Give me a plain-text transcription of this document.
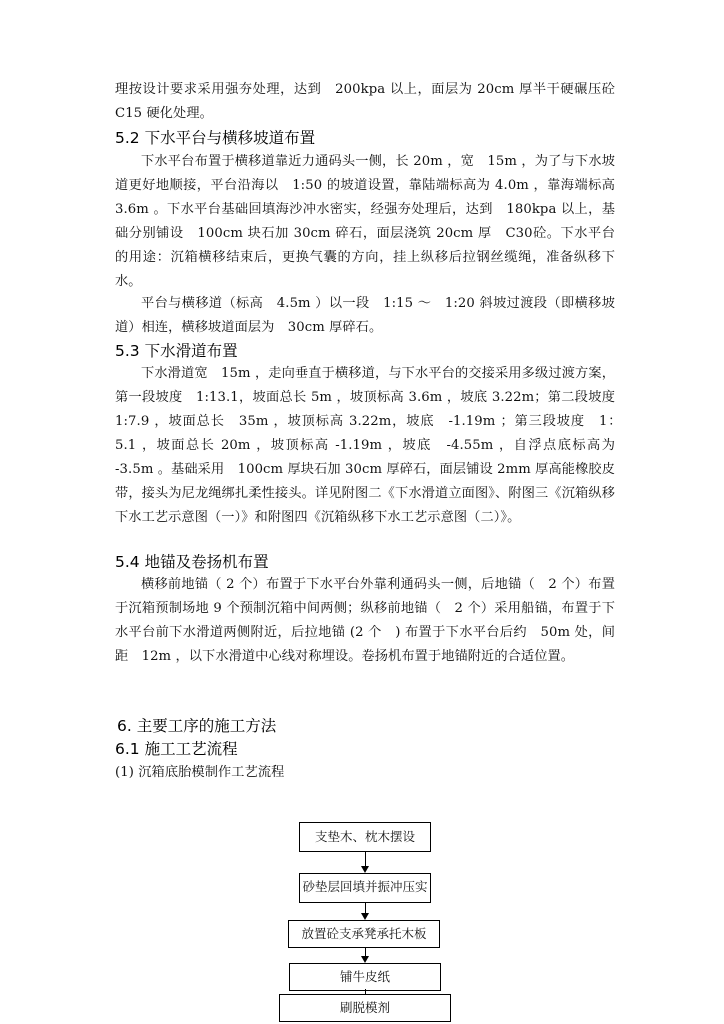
理按设计要求采用强夯处理，达到　200kpa 以上，面层为 20cm 厚半干硬碾压砼　C15 硬化处理。

5.2 下水平台与横移坡道布置

下水平台布置于横移道靠近力通码头一侧，长 20m ，宽　15m ，为了与下水坡道更好地顺接，平台沿海以　1:50 的坡道设置，靠陆端标高为 4.0m ，靠海端标高 3.6m 。下水平台基础回填海沙冲水密实，经强夯处理后，达到　180kpa 以上，基础分别铺设　100cm 块石加 30cm 碎石，面层浇筑 20cm 厚　C30砼。下水平台的用途：沉箱横移结束后，更换气囊的方向，挂上纵移后拉钢丝缆绳，准备纵移下水。

平台与横移道（标高　4.5m ）以一段　1:15 ～　1:20 斜坡过渡段（即横移坡道）相连，横移坡道面层为　30cm 厚碎石。

5.3 下水滑道布置

下水滑道宽　15m ，走向垂直于横移道，与下水平台的交接采用多级过渡方案，第一段坡度　1:13.1，坡面总长 5m ，坡顶标高 3.6m ，坡底 3.22m；第二段坡度 1:7.9 ，坡面总长　35m ，坡顶标高 3.22m，坡底　-1.19m ；第三段坡度　1：　5.1 ，坡面总长 20m ，坡顶标高 -1.19m ，坡底　-4.55m ，自浮点底标高为 -3.5m 。基础采用　100cm 厚块石加 30cm 厚碎石，面层铺设 2mm 厚高能橡胶皮带，接头为尼龙绳绑扎柔性接头。详见附图二《下水滑道立面图》、附图三《沉箱纵移下水工艺示意图（一）》和附图四《沉箱纵移下水工艺示意图（二）》。

5.4 地锚及卷扬机布置

横移前地锚（ 2 个）布置于下水平台外靠利通码头一侧，后地锚（　2 个）布置于沉箱预制场地 9 个预制沉箱中间两侧；纵移前地锚（　2 个）采用船锚，布置于下水平台前下水滑道两侧附近，后拉地锚 (2 个　) 布置于下水平台后约　50m 处，间距　12m ，以下水滑道中心线对称埋设。卷扬机布置于地锚附近的合适位置。

6. 主要工序的施工方法
6.1 施工工艺流程

(1) 沉箱底胎模制作工艺流程

支垫木、枕木摆设
砂垫层回填并振冲压实
放置砼支承凳承托木板
铺牛皮纸
刷脱模剂
